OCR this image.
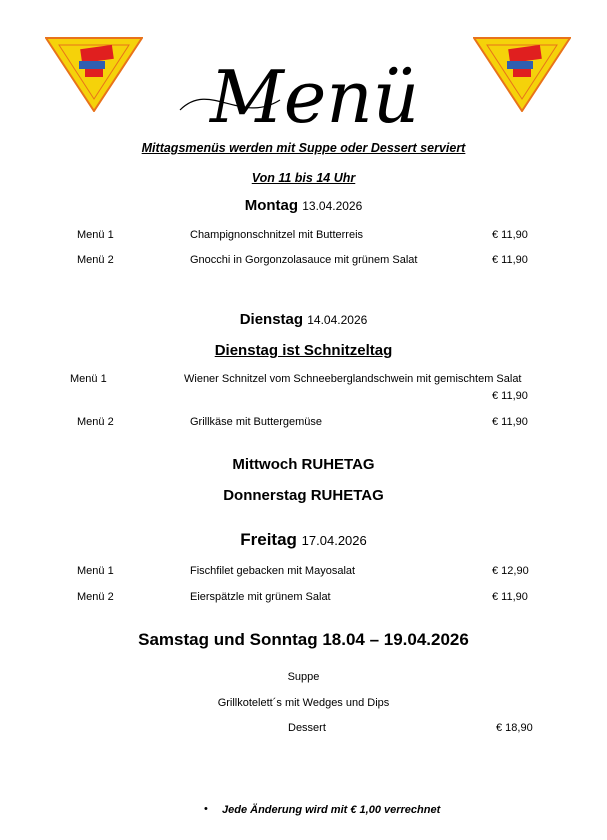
Menü
Mittagsmenüs werden mit Suppe oder Dessert serviert
Von 11 bis 14 Uhr
Montag 13.04.2026
Menü 1	Champignonschnitzel mit Butterreis	€ 11,90
Menü 2	Gnocchi in Gorgonzolasauce mit grünem Salat	€ 11,90
Dienstag 14.04.2026
Dienstag ist Schnitzeltag
Menü 1	Wiener Schnitzel vom Schneeberglandschwein mit gemischtem Salat
€ 11,90
Menü 2	Grillkäse mit Buttergemüse	€ 11,90
Mittwoch RUHETAG
Donnerstag RUHETAG
Freitag 17.04.2026
Menü 1	Fischfilet gebacken mit Mayosalat	€ 12,90
Menü 2	Eierspätzle mit grünem Salat	€ 11,90
Samstag und Sonntag 18.04 – 19.04.2026
Suppe
Grillkotelett´s mit Wedges und Dips
Dessert	€ 18,90
• Jede Änderung wird mit € 1,00 verrechnet
